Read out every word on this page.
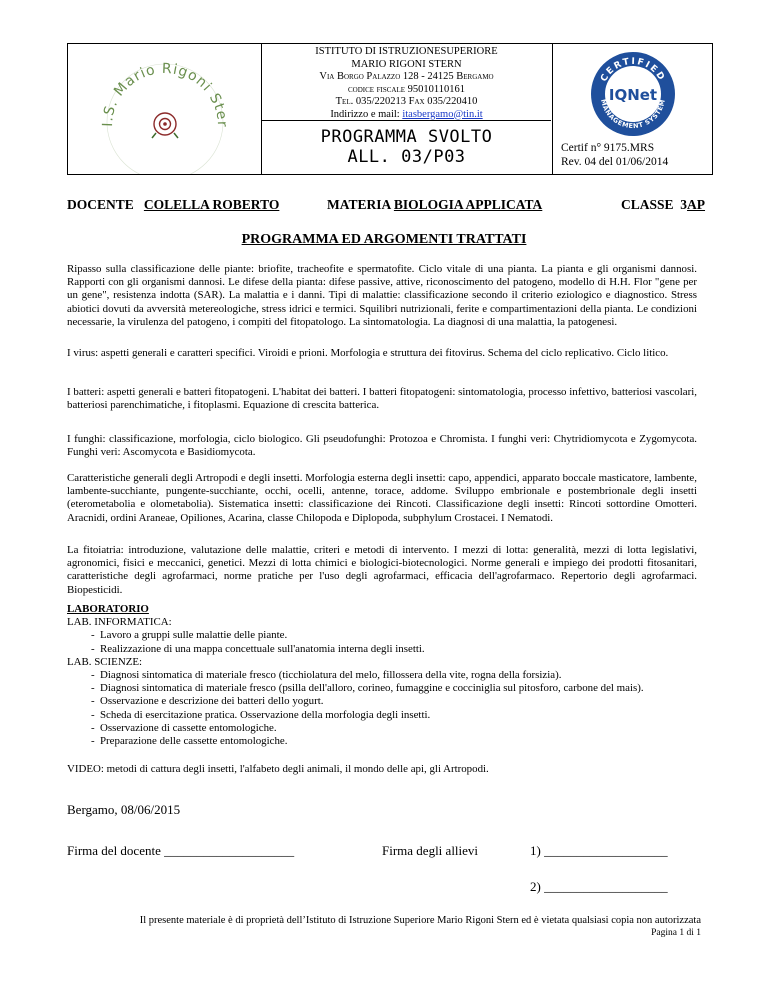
I.S. Mario Rigoni Ster
ISTITUTO DI ISTRUZIONESUPERIORE
MARIO RIGONI STERN
Via Borgo Palazzo 128 - 24125 Bergamo
codice fiscale 95010110161
Tel. 035/220213 Fax 035/220410
Indirizzo e mail: itasbergamo@tin.it
PROGRAMMA SVOLTO
ALL. 03/P03
CERTIFIED
MANAGEMENT SYSTEM
IQNet
Certif n° 9175.MRS
Rev. 04 del 01/06/2014
DOCENTE COLELLA ROBERTO	MATERIA BIOLOGIA APPLICATA	CLASSE 3AP
PROGRAMMA ED ARGOMENTI TRATTATI

Ripasso sulla classificazione delle piante: briofite, tracheofite e spermatofite. Ciclo vitale di una pianta. La pianta e gli organismi dannosi. Rapporti con gli organismi dannosi. Le difese della pianta: difese passive, attive, riconoscimento del patogeno, modello di H.H. Flor "gene per un gene", resistenza indotta (SAR). La malattia e i danni. Tipi di malattie: classificazione secondo il criterio eziologico e diagnostico. Stress abiotici dovuti da avversità metereologiche, stress idrici e termici. Squilibri nutrizionali, ferite e compartimentazioni della pianta. Le condizioni necessarie, la virulenza del patogeno, i compiti del fitopatologo. La sintomatologia. La diagnosi di una malattia, la patogenesi.

I virus: aspetti generali e caratteri specifici. Viroidi e prioni. Morfologia e struttura dei fitovirus. Schema del ciclo replicativo. Ciclo litico.

I batteri: aspetti generali e batteri fitopatogeni. L'habitat dei batteri. I batteri fitopatogeni: sintomatologia, processo infettivo, batteriosi vascolari, batteriosi parenchimatiche, i fitoplasmi. Equazione di crescita batterica.

I funghi: classificazione, morfologia, ciclo biologico. Gli pseudofunghi: Protozoa e Chromista. I funghi veri: Chytridiomycota e Zygomycota. Funghi veri: Ascomycota e Basidiomycota.

Caratteristiche generali degli Artropodi e degli insetti. Morfologia esterna degli insetti: capo, appendici, apparato boccale masticatore, lambente, lambente-succhiante, pungente-succhiante, occhi, ocelli, antenne, torace, addome. Sviluppo embrionale e postembrionale degli insetti (eterometabolia e olometabolia). Sistematica insetti: classificazione dei Rincoti. Classificazione degli insetti: Rincoti sottordine Omotteri. Aracnidi, ordini Araneae, Opiliones, Acarina, classe Chilopoda e Diplopoda, subphylum Crostacei. I Nematodi.

La fitoiatria: introduzione, valutazione delle malattie, criteri e metodi di intervento. I mezzi di lotta: generalità, mezzi di lotta legislativi, agronomici, fisici e meccanici, genetici. Mezzi di lotta chimici e biologici-biotecnologici. Norme generali e impiego dei prodotti fitosanitari, caratteristiche degli agrofarmaci, norme pratiche per l'uso degli agrofarmaci, efficacia dell'agrofarmaco. Repertorio degli agrofarmaci. Biopesticidi.

LABORATORIO
LAB. INFORMATICA:
- Lavoro a gruppi sulle malattie delle piante.
- Realizzazione di una mappa concettuale sull'anatomia interna degli insetti.
LAB. SCIENZE:
- Diagnosi sintomatica di materiale fresco (ticchiolatura del melo, fillossera della vite, rogna della forsizia).
- Diagnosi sintomatica di materiale fresco (psilla dell'alloro, corineo, fumaggine e cocciniglia sul pitosforo, carbone del mais).
- Osservazione e descrizione dei batteri dello yogurt.
- Scheda di esercitazione pratica. Osservazione della morfologia degli insetti.
- Osservazione di cassette entomologiche.
- Preparazione delle cassette entomologiche.
VIDEO: metodi di cattura degli insetti, l'alfabeto degli animali, il mondo delle api, gli Artropodi.
Bergamo, 08/06/2015
Firma del docente ____________________	Firma degli allievi	1) ___________________
2) ___________________
Il presente materiale è di proprietà dell’Istituto di Istruzione Superiore Mario Rigoni Stern ed è vietata qualsiasi copia non autorizzata
Pagina 1 di 1
